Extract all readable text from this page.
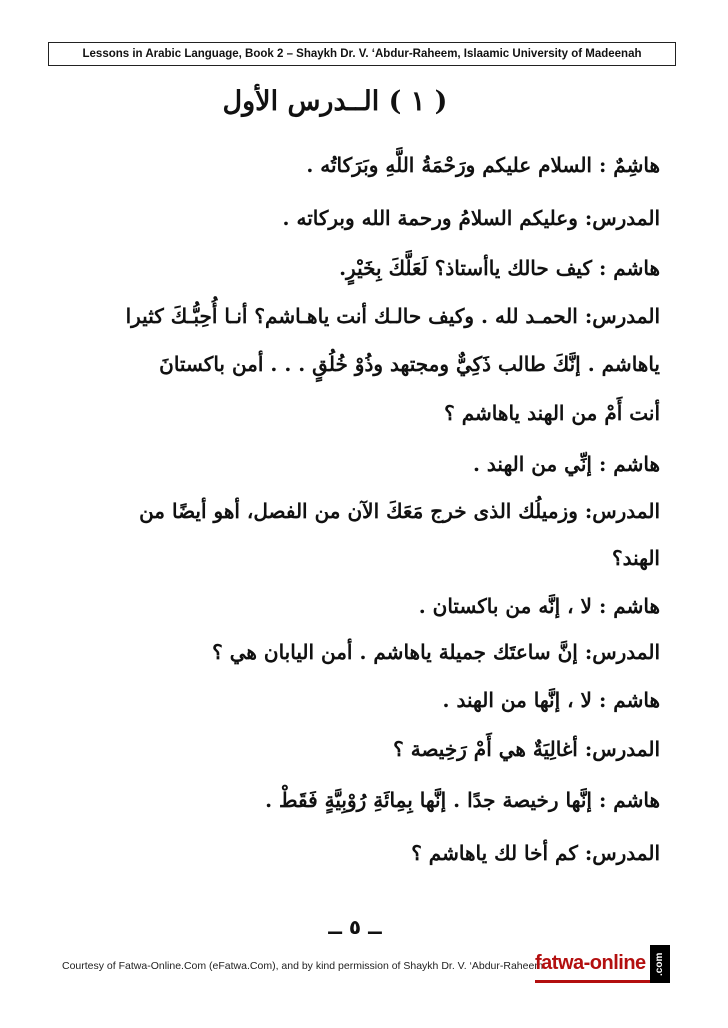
Lessons in Arabic Language, Book 2 – Shaykh Dr. V. ‘Abdur-Raheem, Islaamic University of Madeenah
( ١ ) الــدرس الأول
هاشِمٌ : السلام عليكم ورَحْمَةُ اللَّهِ وبَرَكاتُه .
المدرس: وعليكم السلامُ ورحمة الله وبركاته .
هاشم : كيف حالك ياأستاذ؟ لَعَلَّكَ بِخَيْرٍ.
المدرس: الحمـد لله . وكيف حالـك أنت ياهـاشم؟ أنـا أُحِبُّـكَ كثيرا
ياهاشم . إنَّكَ طالب ذَكِيٌّ ومجتهد وذُوْ خُلُقٍ . . . أمن باكستانَ
أنت أَمْ من الهند ياهاشم ؟
هاشم : إنِّي من الهند .
المدرس: وزميلُك الذى خرج مَعَكَ الآن من الفصل، أهو أيضًا من
الهند؟
هاشم : لا ، إنَّه من باكستان .
المدرس: إنَّ ساعتَك جميلة ياهاشم . أمن اليابان هي ؟
هاشم : لا ، إنَّها من الهند .
المدرس: أغالِيَةٌ هي أَمْ رَخِيصة ؟
هاشم : إنَّها رخيصة جدًا . إنَّها بِمِائَةِ رُوْبِيَّةٍ فَقَطْ .
المدرس: كم أخا لك ياهاشم ؟
ــ ٥ ــ
Courtesy of Fatwa-Online.Com (eFatwa.Com), and by kind permission of Shaykh Dr. V. ‘Abdur-Raheem
fatwa-online .com
